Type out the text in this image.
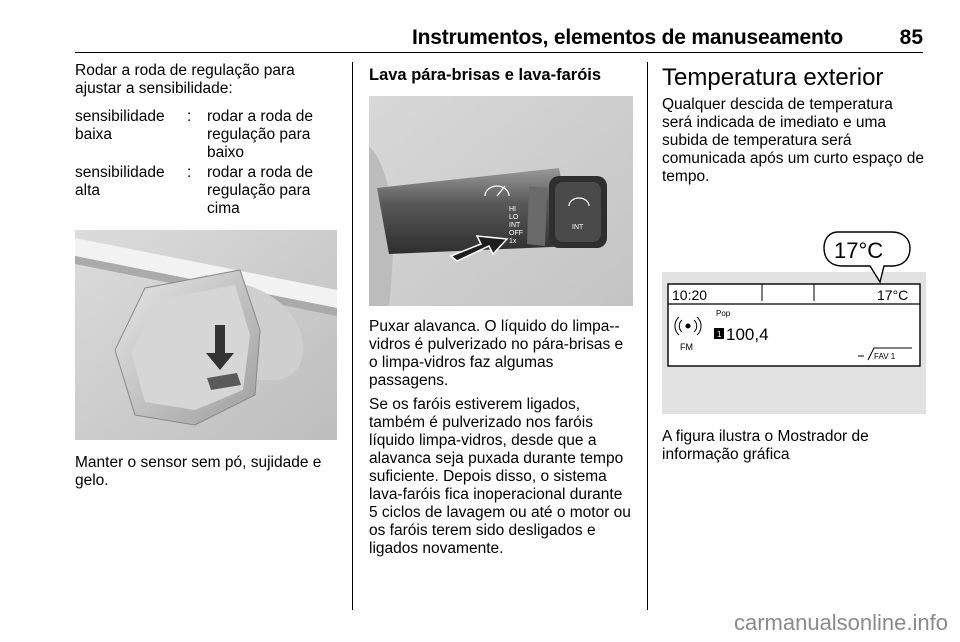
Instrumentos, elementos de manuseamento	85

Rodar a roda de regulação para ajustar a sensibilidade:

sensibilidade baixa
:	rodar a roda de regulação para baixo
sensibilidade alta
:	rodar a roda de regulação para cima

Manter o sensor sem pó, sujidade e gelo.

Lava pára-brisas e lava-faróis
HI
LO
INT
OFF
1x
INT

Puxar alavanca. O líquido do limpa--vidros é pulverizado no pára-brisas e o limpa-vidros faz algumas passagens.

Se os faróis estiverem ligados, também é pulverizado nos faróis líquido limpa-vidros, desde que a alavanca seja puxada durante tempo suficiente. Depois disso, o sistema lava-faróis fica inoperacional durante 5 ciclos de lavagem ou até o motor ou os faróis terem sido desligados e ligados novamente.

Temperatura exterior

Qualquer descida de temperatura será indicada de imediato e uma subida de temperatura será comunicada após um curto espaço de tempo.

17°C
10:20	17°C
FM
Pop
1 100,4
FAV 1

A figura ilustra o Mostrador de informação gráfica

carmanualsonline.info
